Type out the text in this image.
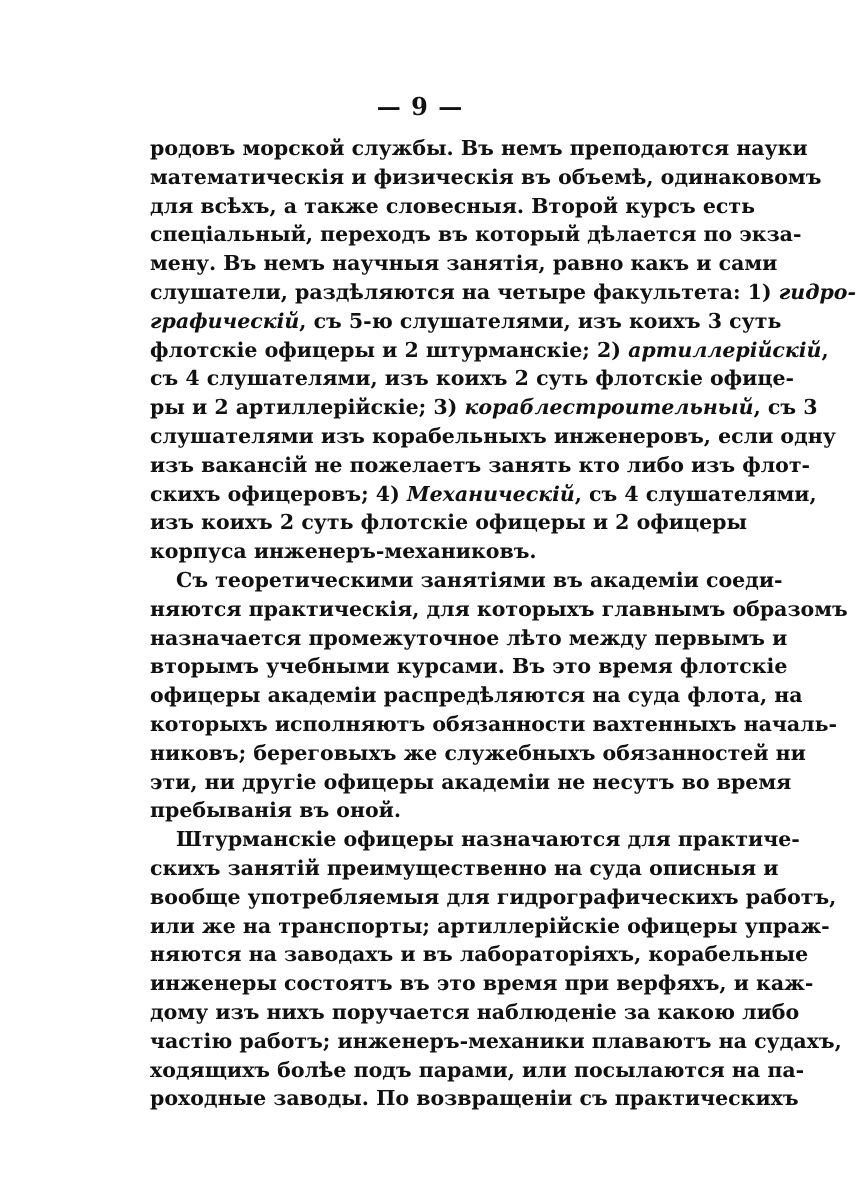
— 9 —
родовъ морской службы. Въ немъ преподаются науки
математическія и физическія въ объемѣ, одинаковомъ
для всѣхъ, а также словесныя. Второй курсъ есть
спеціальный, переходъ въ который дѣлается по экза-
мену. Въ немъ научныя занятія, равно какъ и сами
слушатели, раздѣляются на четыре факультета: 1) гидро-
графическій, съ 5-ю слушателями, изъ коихъ 3 суть
флотскіе офицеры и 2 штурманскіе; 2) артиллерійскій,
съ 4 слушателями, изъ коихъ 2 суть флотскіе офице-
ры и 2 артиллерійскіе; 3) кораблестроительный, съ 3
слушателями изъ корабельныхъ инженеровъ, если одну
изъ вакансій не пожелаетъ занять кто либо изъ флот-
скихъ офицеровъ; 4) Механическій, съ 4 слушателями,
изъ коихъ 2 суть флотскіе офицеры и 2 офицеры
корпуса инженеръ-механиковъ.
Съ теоретическими занятіями въ академіи соеди-
няются практическія, для которыхъ главнымъ образомъ
назначается промежуточное лѣто между первымъ и
вторымъ учебными курсами. Въ это время флотскіе
офицеры академіи распредѣляются на суда флота, на
которыхъ исполняютъ обязанности вахтенныхъ началь-
никовъ; береговыхъ же служебныхъ обязанностей ни
эти, ни другіе офицеры академіи не несутъ во время
пребыванія въ оной.
Штурманскіе офицеры назначаются для практиче-
скихъ занятій преимущественно на суда описныя и
вообще употребляемыя для гидрографическихъ работъ,
или же на транспорты; артиллерійскіе офицеры упраж-
няются на заводахъ и въ лабораторіяхъ, корабельные
инженеры состоятъ въ это время при верфяхъ, и каж-
дому изъ нихъ поручается наблюденіе за какою либо
частію работъ; инженеръ-механики плаваютъ на судахъ,
ходящихъ болѣе подъ парами, или посылаются на па-
роходные заводы. По возвращеніи съ практическихъ
